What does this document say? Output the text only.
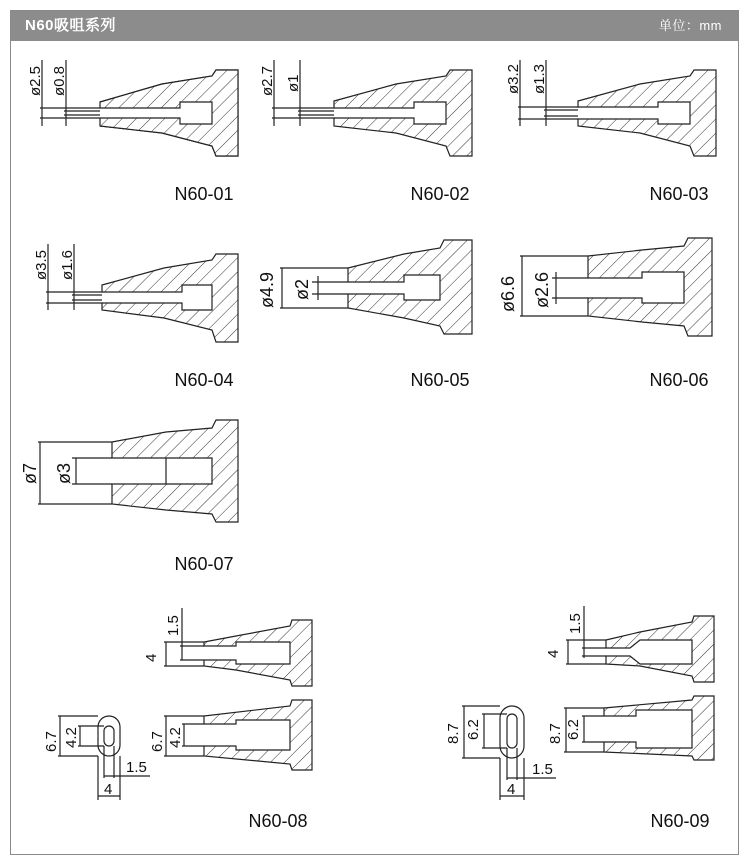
N60吸咀系列	单位：mm
ø2.5 ø0.8	ø2.7 ø1	ø3.2 ø1.3
ø3.5 ø1.6
ø4.9 ø2	ø6.6 ø2.6
ø7 ø3
1.5
4
6.7 4.2	6.7 4.2
1.5
4
1.5
4
8.7 6.2	8.7 6.2
1.5
4
N60-01	N60-02	N60-03
N60-04	N60-05	N60-06
N60-07
N60-08	N60-09
